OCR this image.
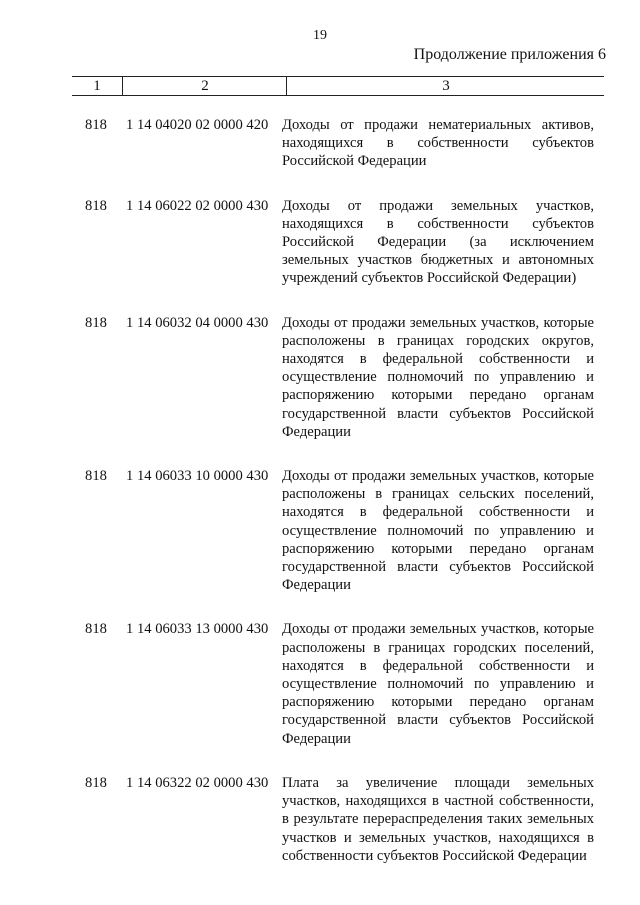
19
Продолжение приложения 6
1	2	3
818	1 14 04020 02 0000 420 Доходы от продажи нематериальных активов, находящихся в собственности субъектов Российской Федерации
818	1 14 06022 02 0000 430 Доходы от продажи земельных участков, находящихся в собственности субъектов Российской Федерации (за исключением земельных участков бюджетных и автономных учреждений субъектов Российской Федерации)
818	1 14 06032 04 0000 430 Доходы от продажи земельных участков, которые расположены в границах городских округов, находятся в федеральной собственности и осуществление полномочий по управлению и распоряжению которыми передано органам государственной власти субъектов Российской Федерации
818	1 14 06033 10 0000 430 Доходы от продажи земельных участков, которые расположены в границах сельских поселений, находятся в федеральной собственности и осуществление полномочий по управлению и распоряжению которыми передано органам государственной власти субъектов Российской Федерации
818	1 14 06033 13 0000 430 Доходы от продажи земельных участков, которые расположены в границах городских поселений, находятся в федеральной собственности и осуществление полномочий по управлению и распоряжению которыми передано органам государственной власти субъектов Российской Федерации
818	1 14 06322 02 0000 430 Плата за увеличение площади земельных участков, находящихся в частной собственности, в результате перераспределения таких земельных участков и земельных участков, находящихся в собственности субъектов Российской Федерации
